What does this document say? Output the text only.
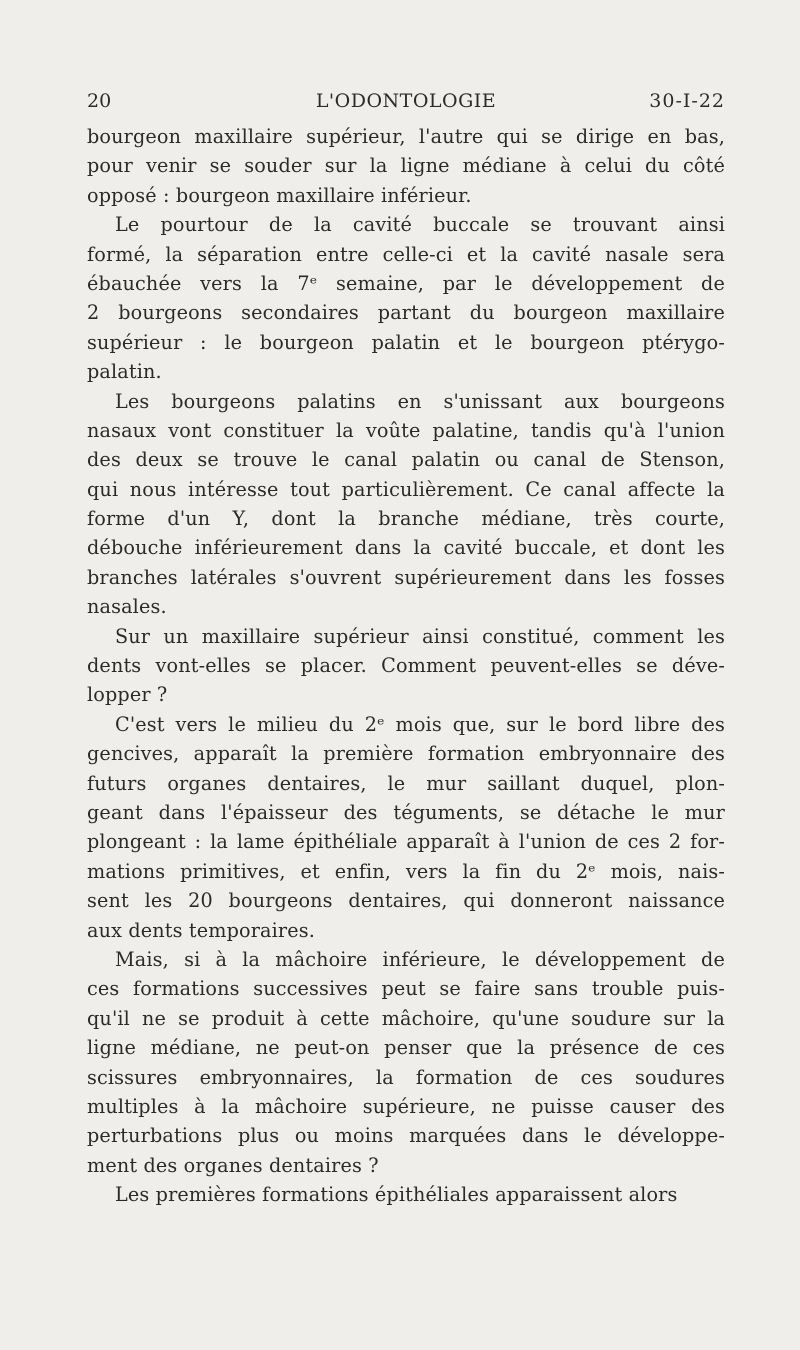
20	L'ODONTOLOGIE	30-I-22
bourgeon maxillaire supérieur, l'autre qui se dirige en bas,
pour venir se souder sur la ligne médiane à celui du côté
opposé : bourgeon maxillaire inférieur.
Le pourtour de la cavité buccale se trouvant ainsi
formé, la séparation entre celle-ci et la cavité nasale sera
ébauchée vers la 7ᵉ semaine, par le développement de
2 bourgeons secondaires partant du bourgeon maxillaire
supérieur : le bourgeon palatin et le bourgeon ptérygo-
palatin.
Les bourgeons palatins en s'unissant aux bourgeons
nasaux vont constituer la voûte palatine, tandis qu'à l'union
des deux se trouve le canal palatin ou canal de Stenson,
qui nous intéresse tout particulièrement. Ce canal affecte la
forme d'un Y, dont la branche médiane, très courte,
débouche inférieurement dans la cavité buccale, et dont les
branches latérales s'ouvrent supérieurement dans les fosses
nasales.
Sur un maxillaire supérieur ainsi constitué, comment les
dents vont-elles se placer. Comment peuvent-elles se déve-
lopper ?
C'est vers le milieu du 2ᵉ mois que, sur le bord libre des
gencives, apparaît la première formation embryonnaire des
futurs organes dentaires, le mur saillant duquel, plon-
geant dans l'épaisseur des téguments, se détache le mur
plongeant : la lame épithéliale apparaît à l'union de ces 2 for-
mations primitives, et enfin, vers la fin du 2ᵉ mois, nais-
sent les 20 bourgeons dentaires, qui donneront naissance
aux dents temporaires.
Mais, si à la mâchoire inférieure, le développement de
ces formations successives peut se faire sans trouble puis-
qu'il ne se produit à cette mâchoire, qu'une soudure sur la
ligne médiane, ne peut-on penser que la présence de ces
scissures embryonnaires, la formation de ces soudures
multiples à la mâchoire supérieure, ne puisse causer des
perturbations plus ou moins marquées dans le développe-
ment des organes dentaires ?
Les premières formations épithéliales apparaissent alors
